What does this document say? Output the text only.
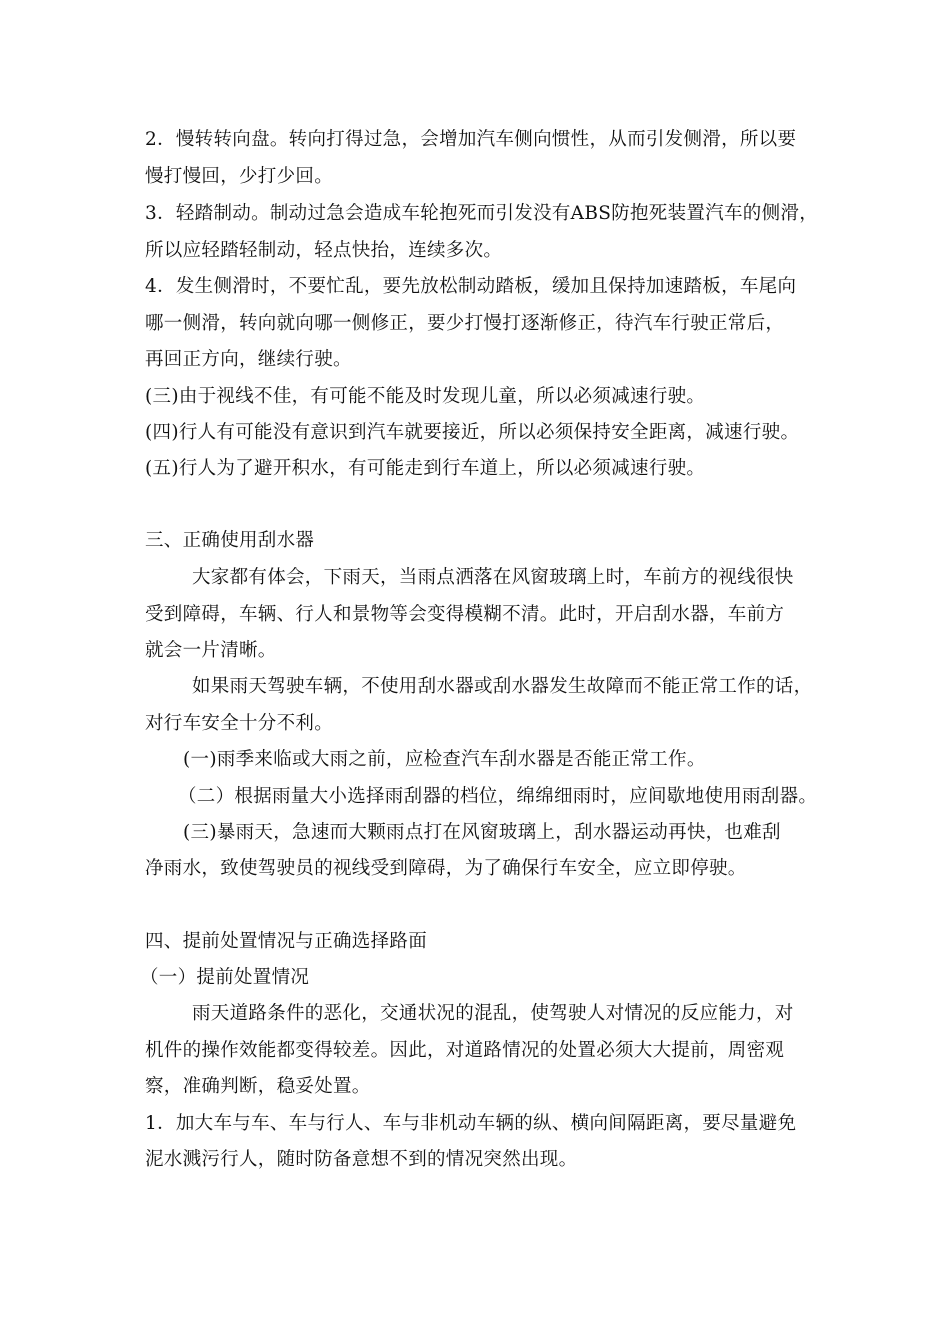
2．慢转转向盘。转向打得过急，会增加汽车侧向惯性，从而引发侧滑，所以要
慢打慢回，少打少回。
3．轻踏制动。制动过急会造成车轮抱死而引发没有ABS防抱死装置汽车的侧滑，
所以应轻踏轻制动，轻点快抬，连续多次。
4．发生侧滑时，不要忙乱，要先放松制动踏板，缓加且保持加速踏板，车尾向
哪一侧滑，转向就向哪一侧修正，要少打慢打逐渐修正，待汽车行驶正常后，
再回正方向，继续行驶。
(三)由于视线不佳，有可能不能及时发现儿童，所以必须减速行驶。
(四)行人有可能没有意识到汽车就要接近，所以必须保持安全距离，减速行驶。
(五)行人为了避开积水，有可能走到行车道上，所以必须减速行驶。
三、正确使用刮水器
大家都有体会，下雨天，当雨点洒落在风窗玻璃上时，车前方的视线很快
受到障碍，车辆、行人和景物等会变得模糊不清。此时，开启刮水器，车前方
就会一片清晰。
如果雨天驾驶车辆，不使用刮水器或刮水器发生故障而不能正常工作的话，
对行车安全十分不利。
(一)雨季来临或大雨之前，应检查汽车刮水器是否能正常工作。
（二）根据雨量大小选择雨刮器的档位，绵绵细雨时，应间歇地使用雨刮器。
(三)暴雨天，急速而大颗雨点打在风窗玻璃上，刮水器运动再快，也难刮
净雨水，致使驾驶员的视线受到障碍，为了确保行车安全，应立即停驶。
四、提前处置情况与正确选择路面
（一）提前处置情况
雨天道路条件的恶化，交通状况的混乱，使驾驶人对情况的反应能力，对
机件的操作效能都变得较差。因此，对道路情况的处置必须大大提前，周密观
察，准确判断，稳妥处置。
1．加大车与车、车与行人、车与非机动车辆的纵、横向间隔距离，要尽量避免
泥水溅污行人，随时防备意想不到的情况突然出现。
